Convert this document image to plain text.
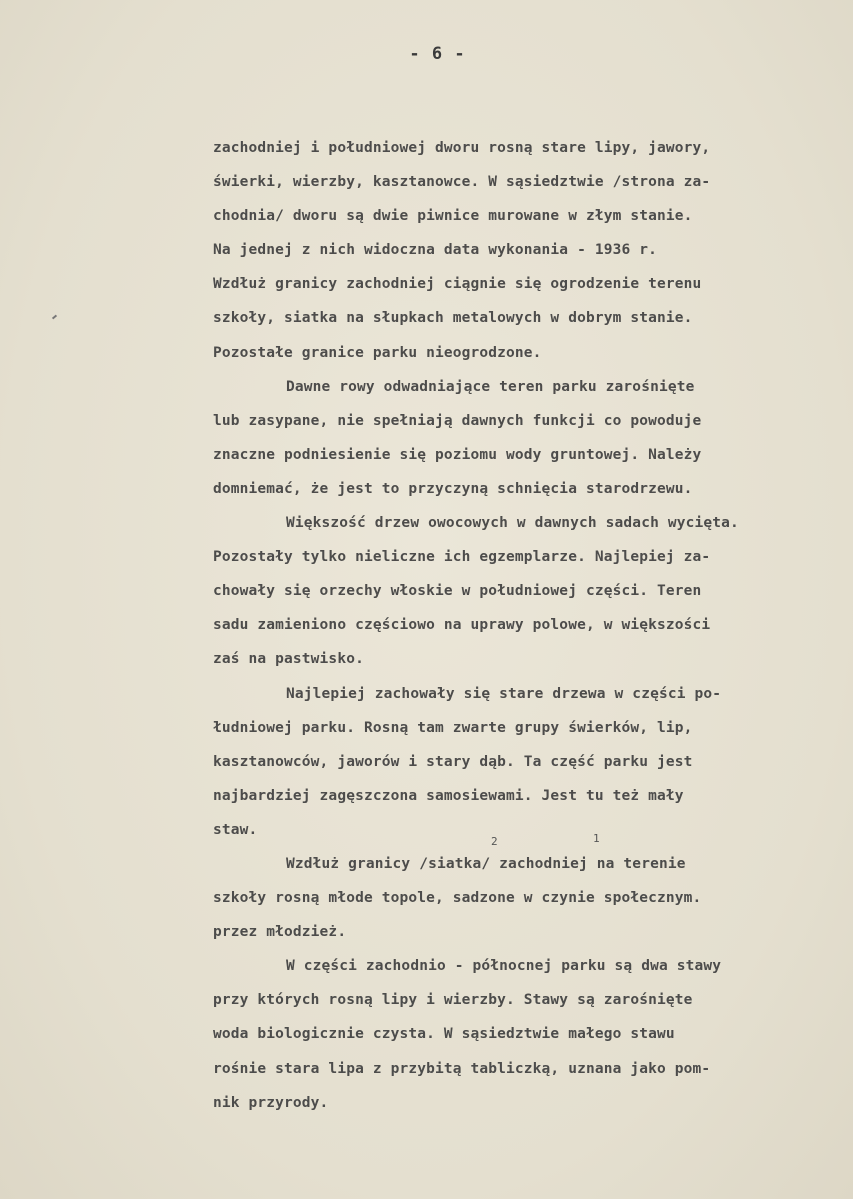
- 6 -
2	1
zachodniej i południowej dworu rosną stare lipy, jawory,
świerki, wierzby, kasztanowce. W sąsiedztwie /strona za-
chodnia/ dworu są dwie piwnice murowane w złym stanie.
Na jednej z nich widoczna data wykonania - 1936 r.
Wzdłuż granicy zachodniej ciągnie się ogrodzenie terenu
szkoły, siatka na słupkach metalowych w dobrym stanie.
Pozostałe granice parku nieogrodzone.
Dawne rowy odwadniające teren parku zarośnięte
lub zasypane, nie spełniają dawnych funkcji co powoduje
znaczne podniesienie się poziomu wody gruntowej. Należy
domniemać, że jest to przyczyną schnięcia starodrzewu.
Większość drzew owocowych w dawnych sadach wycięta.
Pozostały tylko nieliczne ich egzemplarze. Najlepiej za-
chowały się orzechy włoskie w południowej części. Teren
sadu zamieniono częściowo na uprawy polowe, w większości
zaś na pastwisko.
Najlepiej zachowały się stare drzewa w części po-
łudniowej parku. Rosną tam zwarte grupy świerków, lip,
kasztanowców, jaworów i stary dąb. Ta część parku jest
najbardziej zagęszczona samosiewami. Jest tu też mały
staw.
Wzdłuż granicy /siatka/ zachodniej na terenie
szkoły rosną młode topole, sadzone w czynie społecznym.
przez młodzież.
W części zachodnio - północnej parku są dwa stawy
przy których rosną lipy i wierzby. Stawy są zarośnięte
woda biologicznie czysta. W sąsiedztwie małego stawu
rośnie stara lipa z przybitą tabliczką, uznana jako pom-
nik przyrody.
